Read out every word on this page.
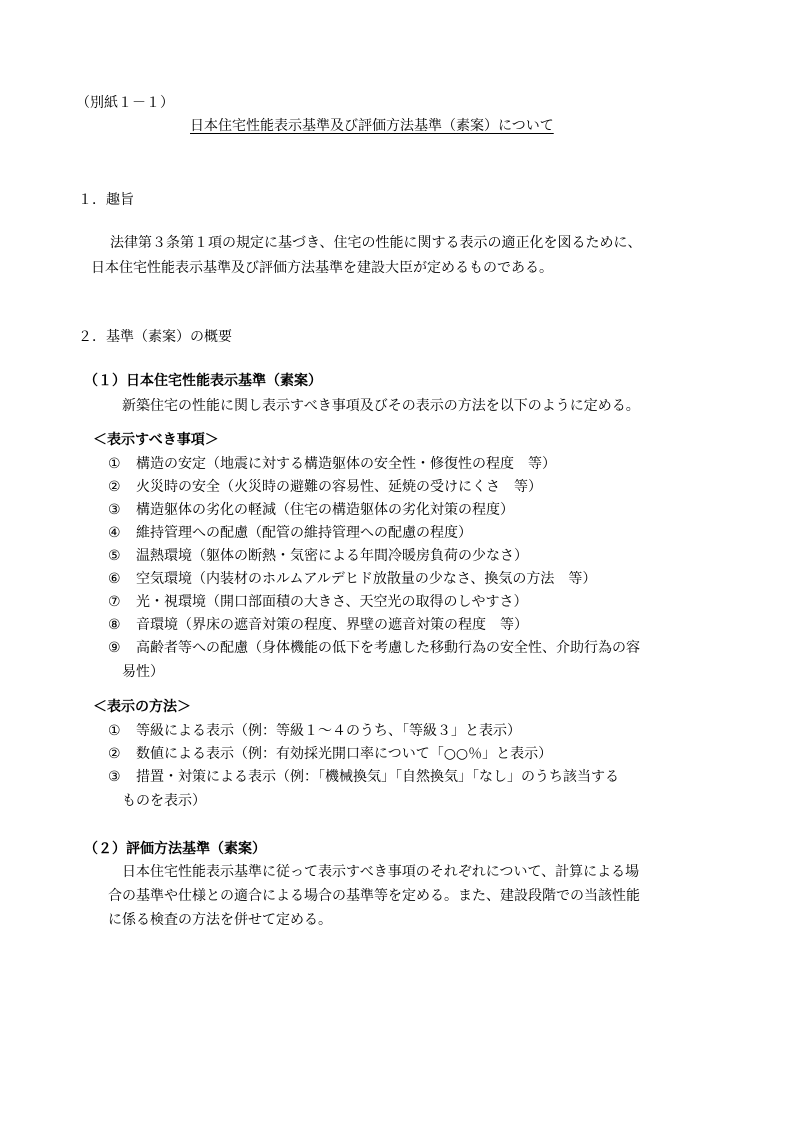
（別紙１－１）
日本住宅性能表示基準及び評価方法基準（素案）について
１．趣旨
法律第３条第１項の規定に基づき、住宅の性能に関する表示の適正化を図るために、
日本住宅性能表示基準及び評価方法基準を建設大臣が定めるものである。
２．基準（素案）の概要
（１）日本住宅性能表示基準（素案）
新築住宅の性能に関し表示すべき事項及びその表示の方法を以下のように定める。
＜表示すべき事項＞
① 構造の安定（地震に対する構造躯体の安全性・修復性の程度　等）
② 火災時の安全（火災時の避難の容易性、延焼の受けにくさ　等）
③ 構造躯体の劣化の軽減（住宅の構造躯体の劣化対策の程度）
④ 維持管理への配慮（配管の維持管理への配慮の程度）
⑤ 温熱環境（躯体の断熱・気密による年間冷暖房負荷の少なさ）
⑥ 空気環境（内装材のホルムアルデヒド放散量の少なさ、換気の方法　等）
⑦ 光・視環境（開口部面積の大きさ、天空光の取得のしやすさ）
⑧ 音環境（界床の遮音対策の程度、界壁の遮音対策の程度　等）
⑨ 高齢者等への配慮（身体機能の低下を考慮した移動行為の安全性、介助行為の容
易性）
＜表示の方法＞
① 等級による表示（例：等級１～４のうち、「等級３」と表示）
② 数値による表示（例：有効採光開口率について「○○％」と表示）
③ 措置・対策による表示（例：「機械換気」「自然換気」「なし」のうち該当する
ものを表示）
（２）評価方法基準（素案）
日本住宅性能表示基準に従って表示すべき事項のそれぞれについて、計算による場
合の基準や仕様との適合による場合の基準等を定める。また、建設段階での当該性能
に係る検査の方法を併せて定める。
